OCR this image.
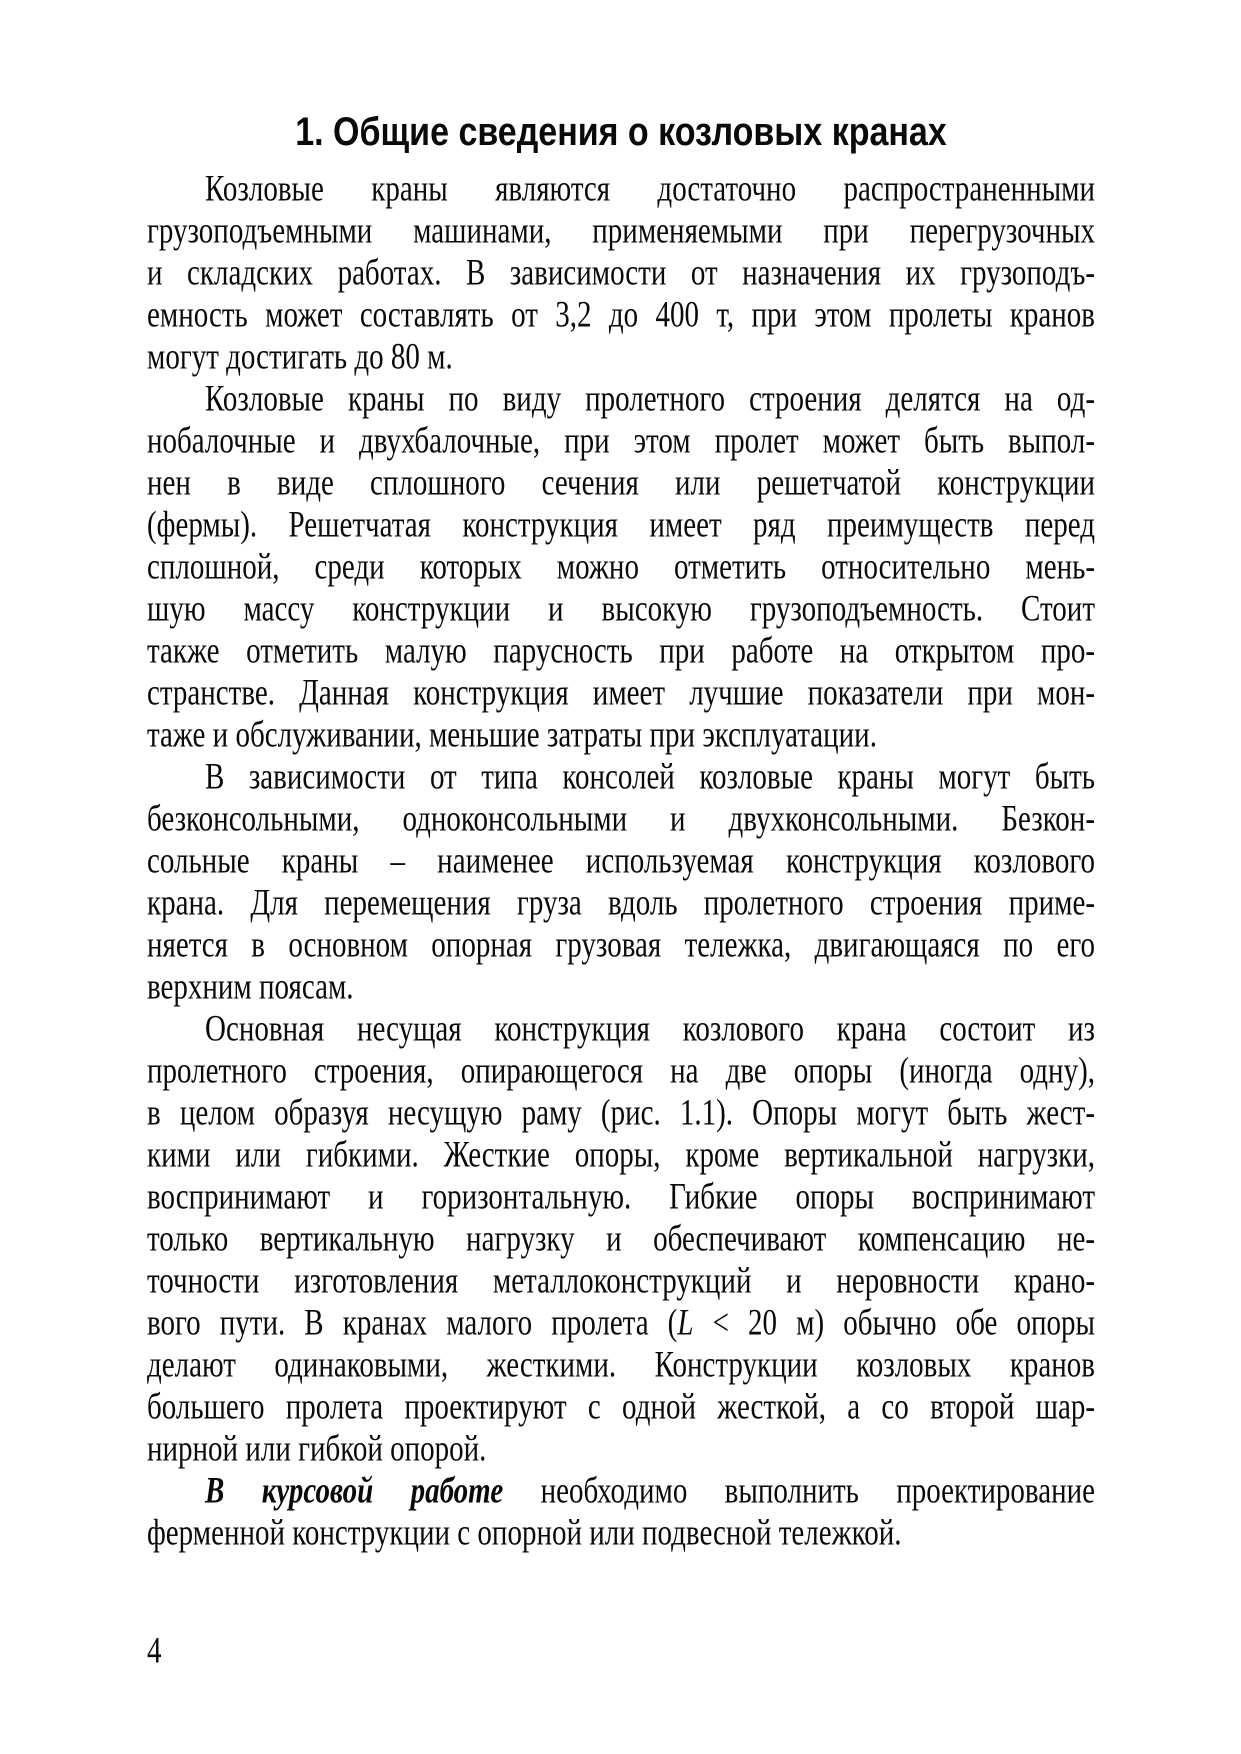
1. Общие сведения о козловых кранах
Козловые краны являются достаточно распространенными
грузоподъемными машинами, применяемыми при перегрузочных
и складских работах. В зависимости от назначения их грузоподъ-
емность может составлять от 3,2 до 400 т, при этом пролеты кранов
могут достигать до 80 м.
Козловые краны по виду пролетного строения делятся на од-
нобалочные и двухбалочные, при этом пролет может быть выпол-
нен в виде сплошного сечения или решетчатой конструкции
(фермы). Решетчатая конструкция имеет ряд преимуществ перед
сплошной, среди которых можно отметить относительно мень-
шую массу конструкции и высокую грузоподъемность. Стоит
также отметить малую парусность при работе на открытом про-
странстве. Данная конструкция имеет лучшие показатели при мон-
таже и обслуживании, меньшие затраты при эксплуатации.
В зависимости от типа консолей козловые краны могут быть
безконсольными, одноконсольными и двухконсольными. Безкон-
сольные краны – наименее используемая конструкция козлового
крана. Для перемещения груза вдоль пролетного строения приме-
няется в основном опорная грузовая тележка, двигающаяся по его
верхним поясам.
Основная несущая конструкция козлового крана состоит из
пролетного строения, опирающегося на две опоры (иногда одну),
в целом образуя несущую раму (рис. 1.1). Опоры могут быть жест-
кими или гибкими. Жесткие опоры, кроме вертикальной нагрузки,
воспринимают и горизонтальную. Гибкие опоры воспринимают
только вертикальную нагрузку и обеспечивают компенсацию не-
точности изготовления металлоконструкций и неровности крано-
вого пути. В кранах малого пролета (L < 20 м) обычно обе опоры
делают одинаковыми, жесткими. Конструкции козловых кранов
большего пролета проектируют с одной жесткой, а со второй шар-
нирной или гибкой опорой.
В курсовой работе необходимо выполнить проектирование
ферменной конструкции с опорной или подвесной тележкой.
4
